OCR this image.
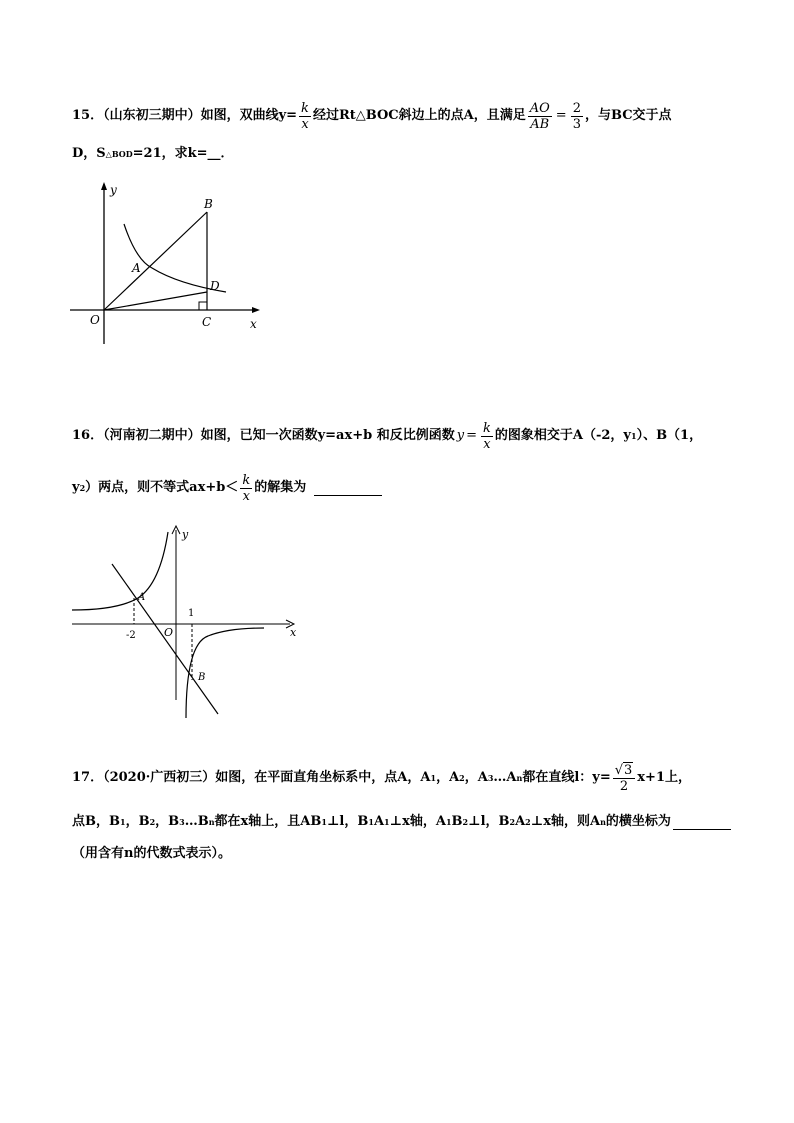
15．（山东初三期中）如图，双曲线$y= \frac{k}{x}$ 经过Rt△BOC斜边上的点A，且满足 $\frac{AO}{AB} = \frac{2}{3}$ ，与BC交于点
D，S △BOD =21，求k=__．
y
B
A
D
O	C	x
16．（河南初二期中）如图，已知一次函数y=ax+b 和反比例函数 $y = \frac{k}{x}$ 的图象相交于A（-2，y 1 ）、B（1，
y 2 ）两点，则不等式$ax+b< \frac{k}{x}$ 的解集为
y
A
1
-2	O	x
B
17．（2020·广西初三）如图，在平面直角坐标系中，点A，A 1 ，A 2 ，A 3 …A n 都在直线l：$y= \frac{√3}{2} x+1$上，
点B，B 1 ，B 2 ，B 3 …B n 都在x轴上，且AB 1 ⊥l，B 1 A 1 ⊥x轴，A 1 B 2 ⊥l，B 2 A 2 ⊥x轴，则A n 的横坐标为
（用含有n的代数式表示）。
